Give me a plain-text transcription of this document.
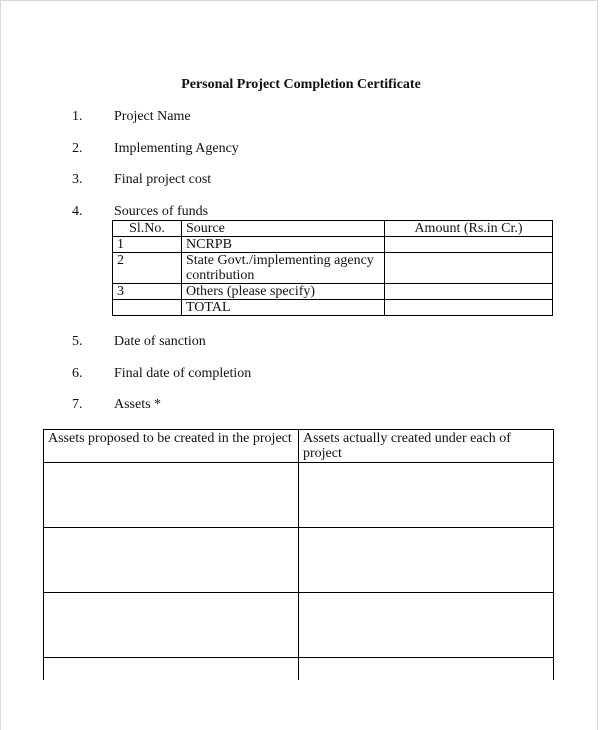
Personal Project Completion Certificate
1.	Project Name
2.	Implementing Agency
3.	Final project cost
4.	Sources of funds
Sl.No.	Source	Amount (Rs.in Cr.)
1	NCRPB	
2	State Govt./implementing agency contribution	
3	Others (please specify)	
	TOTAL	
5.	Date of sanction
6.	Final date of completion
7.	Assets *
Assets proposed to be created in the project	Assets actually created under each of project
